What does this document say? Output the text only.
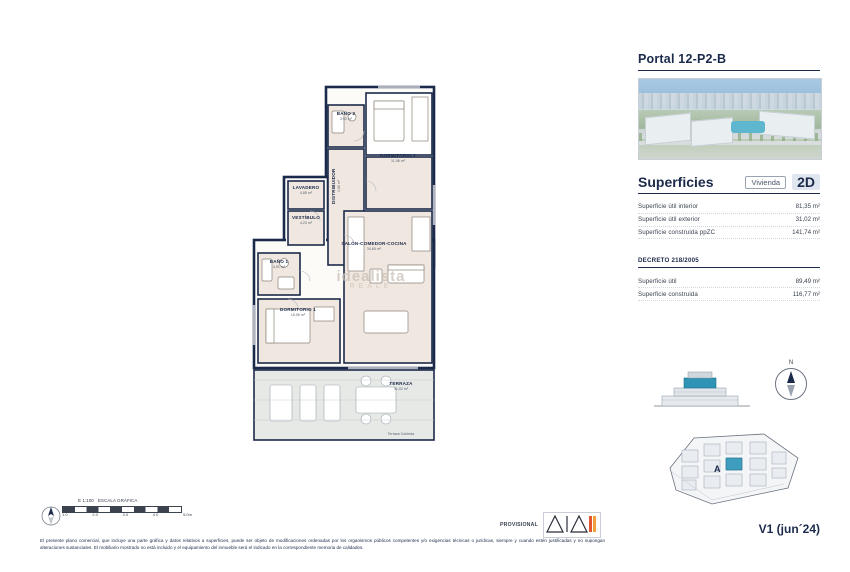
Portal 12-P2-B
Superficies	Vivienda	2D
Superficie útil interior	81,35 m²
Superficie útil exterior	31,02 m²
Superficie construida ppZC	141,74 m²
DECRETO 218/2005
Superficie útil	89,49 m²
Superficie construida	116,77 m²
N
A
V1 (jun´24)
BAÑO 2
3,92 m²
DORMITORIO 2
11,96 m²
LAVADERO
4,85 m²	DISTRIBUIDOR 4,06 m²
VESTÍBULO
4,23 m²
BAÑO 1
4,91 m²
SALÓN-COMEDOR-COCINA
34,65 m²
DORMITORIO 1
15,06 m²
TERRAZA
31,02 m²
Terraza Cubierta
idealista
REALE
E 1:100 ESCALA GRÁFICA
1.0	2.0	3.0	4.0	5.0m
PROVISIONAL
El presente plano comercial, que incluye una parte gráfica y datos relativos a superficies, puede ser objeto de modificaciones ordenadas por los organismos públicos competentes y/o exigencias técnicas o jurídicas, siempre y cuando estén justificadas y no supongan alteraciones sustanciales. El mobiliario mostrado no está incluido y el equipamiento del inmueble será el indicado en la correspondiente memoria de calidades.
